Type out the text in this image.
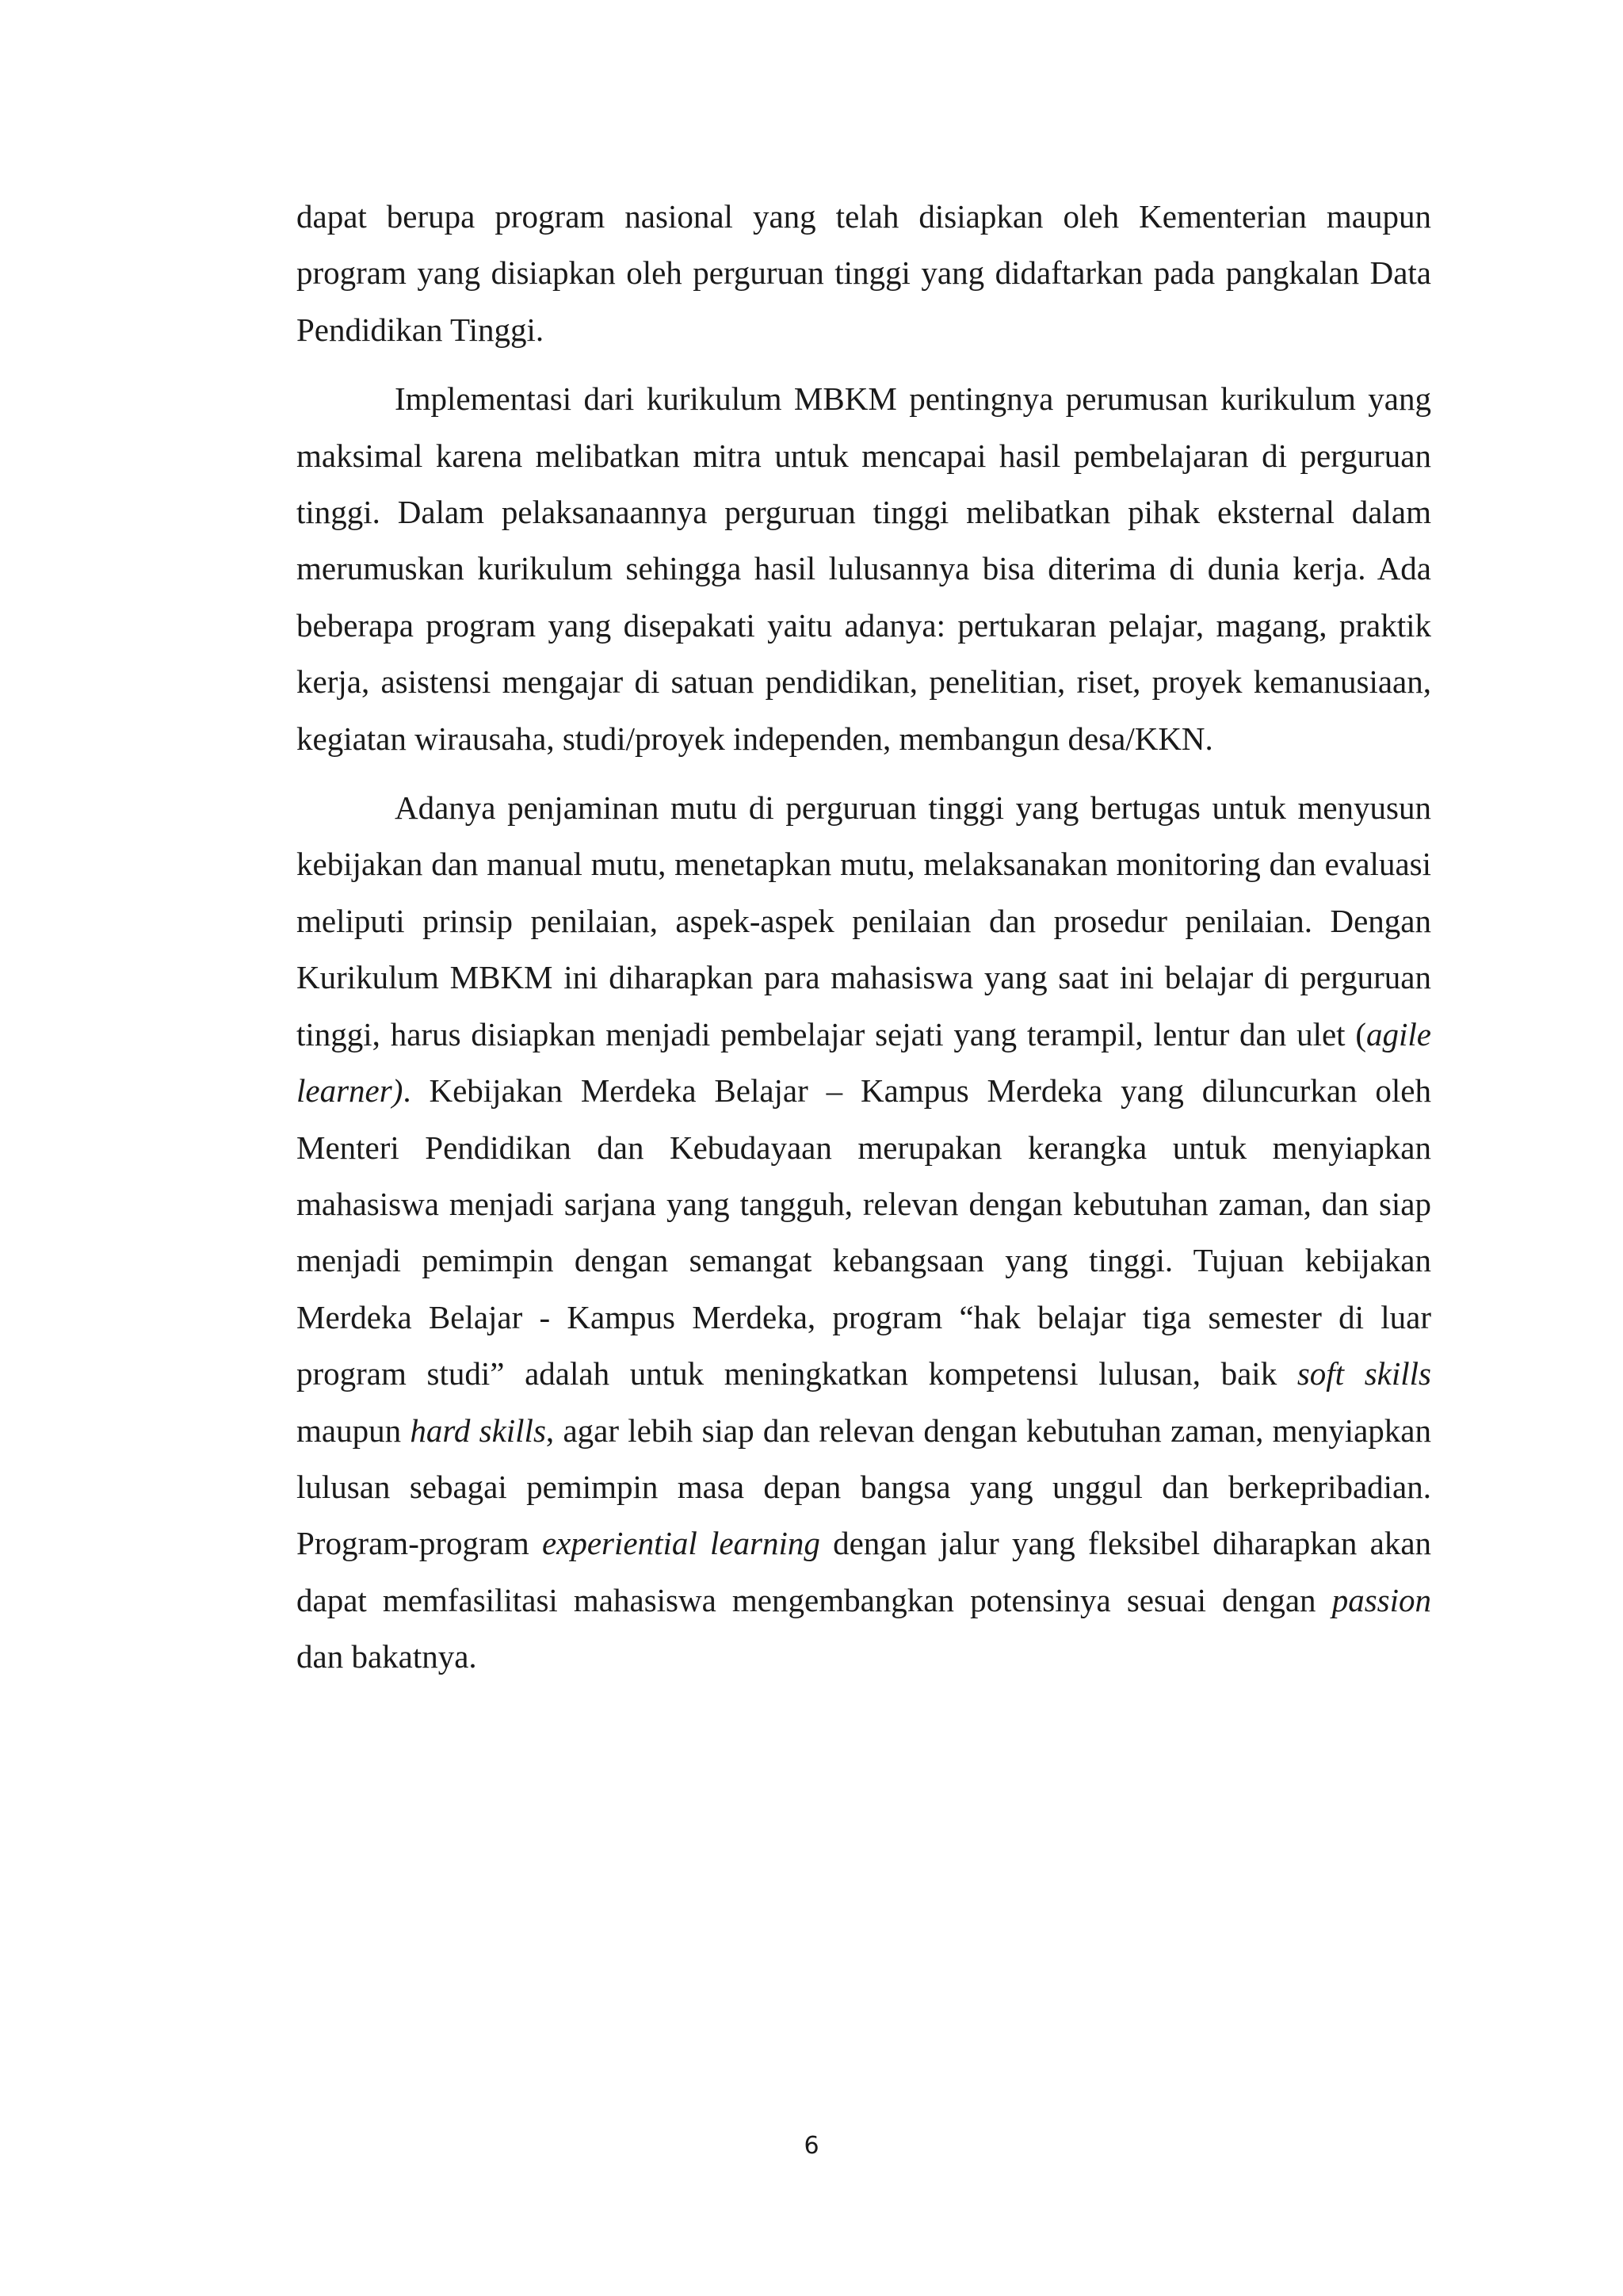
dapat berupa program nasional yang telah disiapkan oleh Kementerian maupun program yang disiapkan oleh perguruan tinggi yang didaftarkan pada pangkalan Data Pendidikan Tinggi.

Implementasi dari kurikulum MBKM pentingnya perumusan kurikulum yang maksimal karena melibatkan mitra untuk mencapai hasil pembelajaran di perguruan tinggi. Dalam pelaksanaannya perguruan tinggi melibatkan pihak eksternal dalam merumuskan kurikulum sehingga hasil lulusannya bisa diterima di dunia kerja. Ada beberapa program yang disepakati yaitu adanya: pertukaran pelajar, magang, praktik kerja, asistensi mengajar di satuan pendidikan, penelitian, riset, proyek kemanusiaan, kegiatan wirausaha, studi/proyek independen, membangun desa/KKN.

Adanya penjaminan mutu di perguruan tinggi yang bertugas untuk menyusun kebijakan dan manual mutu, menetapkan mutu, melaksanakan monitoring dan evaluasi meliputi prinsip penilaian, aspek-aspek penilaian dan prosedur penilaian. Dengan Kurikulum MBKM ini diharapkan para mahasiswa yang saat ini belajar di perguruan tinggi, harus disiapkan menjadi pembelajar sejati yang terampil, lentur dan ulet (agile learner). Kebijakan Merdeka Belajar – Kampus Merdeka yang diluncurkan oleh Menteri Pendidikan dan Kebudayaan merupakan kerangka untuk menyiapkan mahasiswa menjadi sarjana yang tangguh, relevan dengan kebutuhan zaman, dan siap menjadi pemimpin dengan semangat kebangsaan yang tinggi. Tujuan kebijakan Merdeka Belajar - Kampus Merdeka, program “hak belajar tiga semester di luar program studi” adalah untuk meningkatkan kompetensi lulusan, baik soft skills maupun hard skills, agar lebih siap dan relevan dengan kebutuhan zaman, menyiapkan lulusan sebagai pemimpin masa depan bangsa yang unggul dan berkepribadian. Program-program experiential learning dengan jalur yang fleksibel diharapkan akan dapat memfasilitasi mahasiswa mengembangkan potensinya sesuai dengan passion dan bakatnya.

6
